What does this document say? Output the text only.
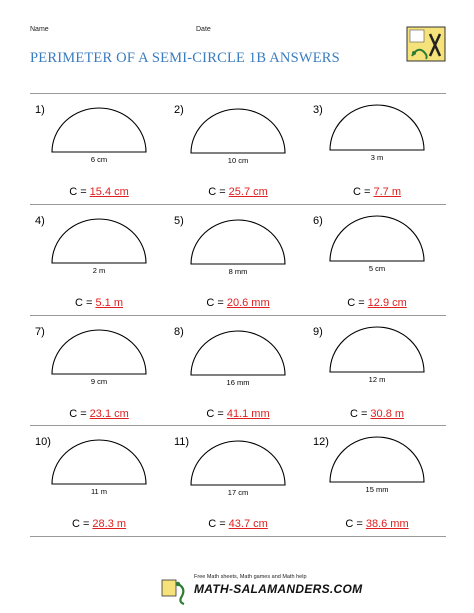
Name	Date
PERIMETER OF A SEMI-CIRCLE 1B ANSWERS
1)
6 cm
C = 15.4 cm
2)
10 cm
C = 25.7 cm
3)
3 m
C = 7.7 m
4)
2 m
C = 5.1 m
5)
8 mm
C = 20.6 mm
6)
5 cm
C = 12.9 cm
7)
9 cm
C = 23.1 cm
8)
16 mm
C = 41.1 mm
9)
12 m
C = 30.8 m
10)
11 m
C = 28.3 m
11)
17 cm
C = 43.7 cm
12)
15 mm
C = 38.6 mm
Free Math sheets, Math games and Math help
MATH-SALAMANDERS.COM
